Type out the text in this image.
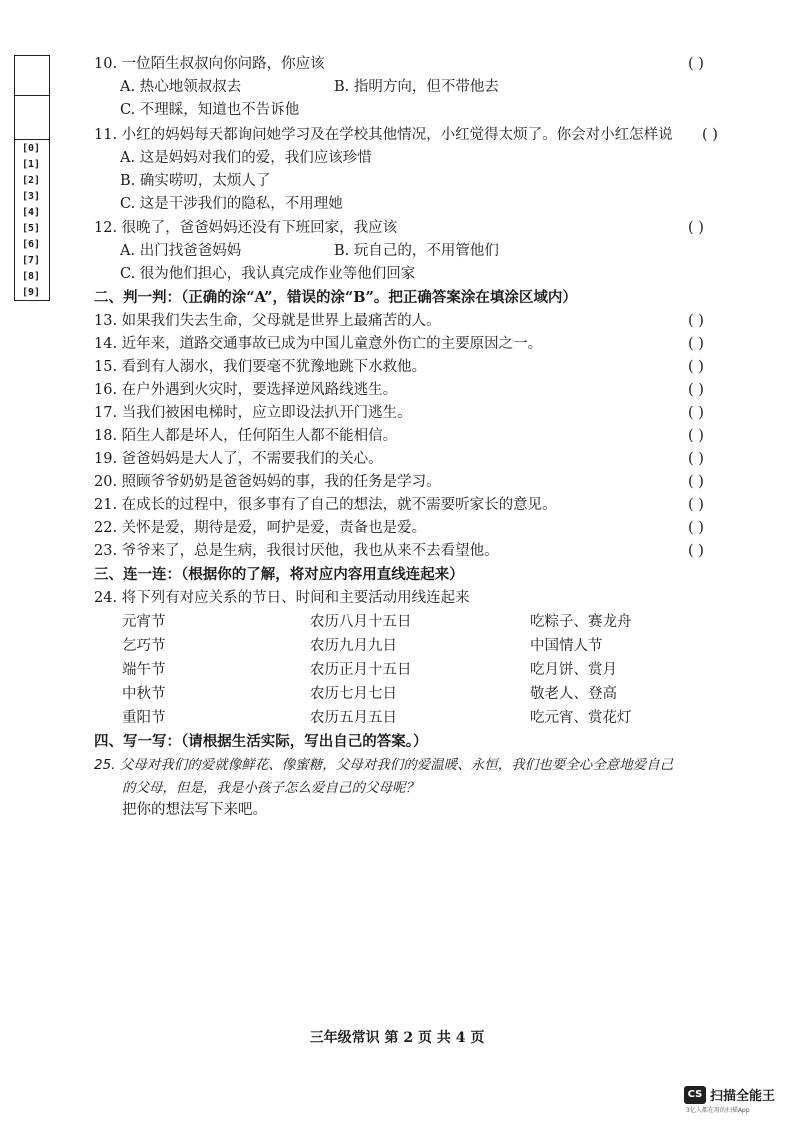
[0]
[1]
[2]
[3]
[4]
[5]
[6]
[7]
[8]
[9]
10. 一位陌生叔叔向你问路，你应该	( )
A. 热心地领叔叔去	B. 指明方向，但不带他去
C. 不理睬，知道也不告诉他
11. 小红的妈妈每天都询问她学习及在学校其他情况，小红觉得太烦了。你会对小红怎样说 ( )
A. 这是妈妈对我们的爱，我们应该珍惜
B. 确实唠叨，太烦人了
C. 这是干涉我们的隐私，不用理她
12. 很晚了，爸爸妈妈还没有下班回家，我应该	( )
A. 出门找爸爸妈妈	B. 玩自己的，不用管他们
C. 很为他们担心，我认真完成作业等他们回家
二、判一判：（正确的涂“A”，错误的涂“B”。把正确答案涂在填涂区域内）
13. 如果我们失去生命，父母就是世界上最痛苦的人。	( )
14. 近年来，道路交通事故已成为中国儿童意外伤亡的主要原因之一。	( )
15. 看到有人溺水，我们要毫不犹豫地跳下水救他。	( )
16. 在户外遇到火灾时，要选择逆风路线逃生。	( )
17. 当我们被困电梯时，应立即设法扒开门逃生。	( )
18. 陌生人都是坏人，任何陌生人都不能相信。	( )
19. 爸爸妈妈是大人了，不需要我们的关心。	( )
20. 照顾爷爷奶奶是爸爸妈妈的事，我的任务是学习。	( )
21. 在成长的过程中，很多事有了自己的想法，就不需要听家长的意见。	( )
22. 关怀是爱，期待是爱，呵护是爱，责备也是爱。	( )
23. 爷爷来了，总是生病，我很讨厌他，我也从来不去看望他。	( )
三、连一连：（根据你的了解，将对应内容用直线连起来）
24. 将下列有对应关系的节日、时间和主要活动用线连起来
元宵节	农历八月十五日	吃粽子、赛龙舟
乞巧节	农历九月九日	中国情人节
端午节	农历正月十五日	吃月饼、赏月
中秋节	农历七月七日	敬老人、登高
重阳节	农历五月五日	吃元宵、赏花灯
四、写一写：（请根据生活实际，写出自己的答案。）
25. 父母对我们的爱就像鲜花、像蜜糖，父母对我们的爱温暖、永恒，我们也要全心全意地爱自己
的父母，但是，我是小孩子怎么爱自己的父母呢？
把你的想法写下来吧。
三年级常识 第 2 页 共 4 页
CS 扫描全能王
3亿人都在用的扫描App
